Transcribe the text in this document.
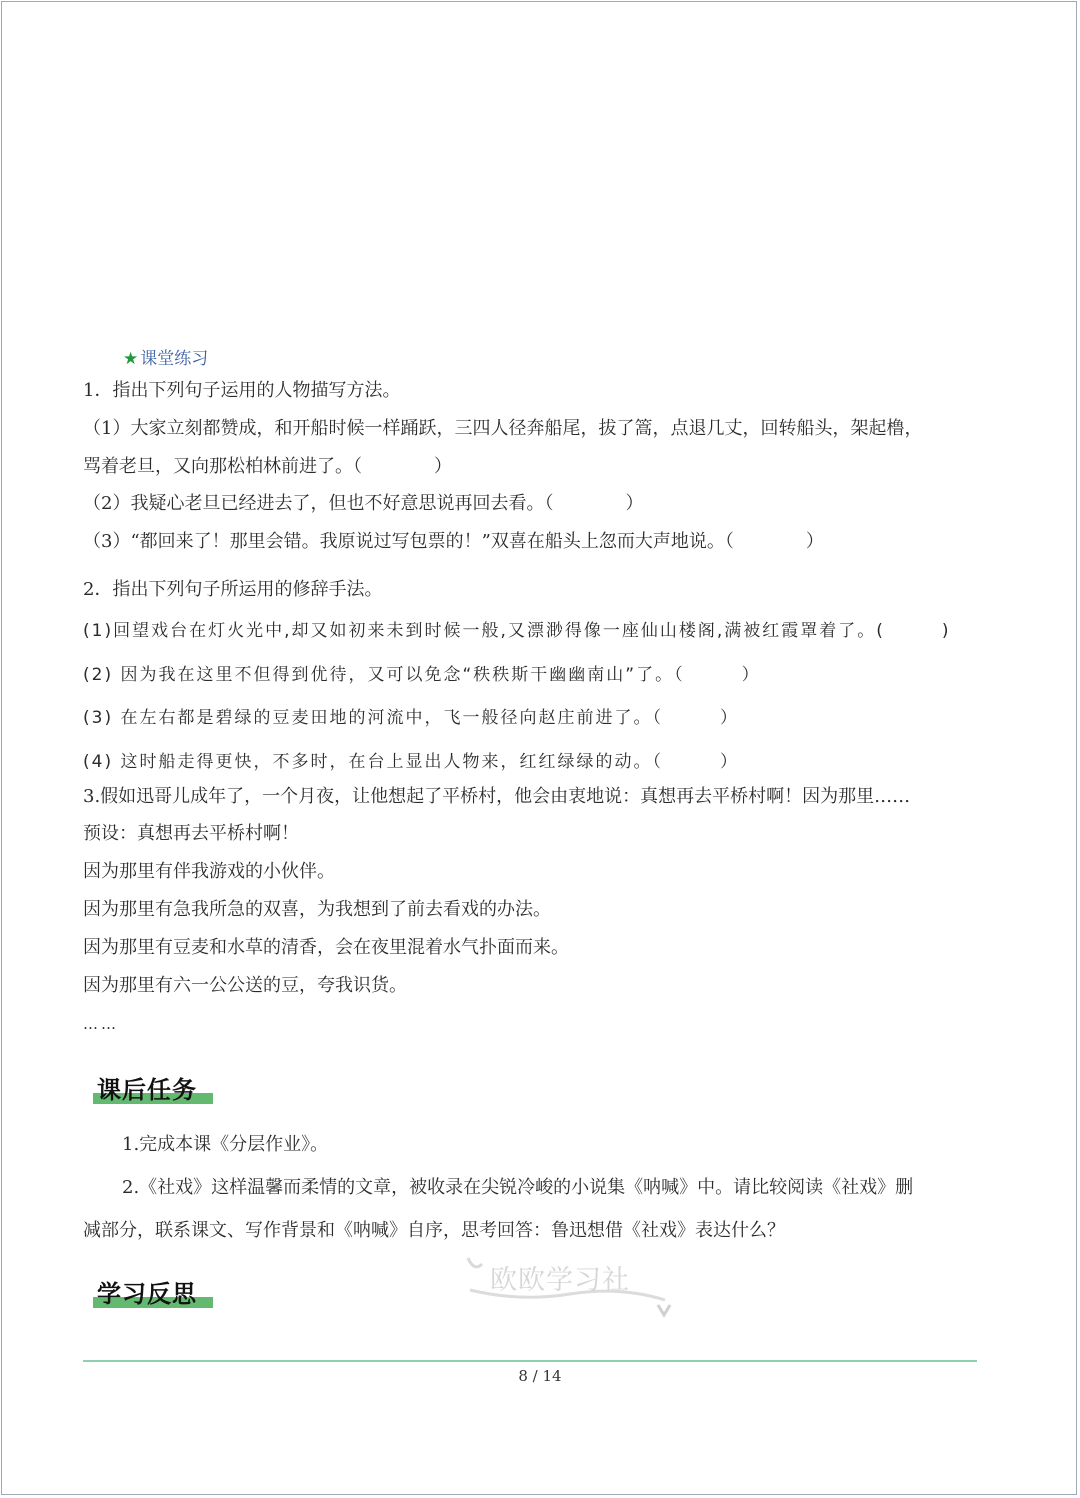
★ 课堂练习
1．指出下列句子运用的人物描写方法。
（1）大家立刻都赞成，和开船时候一样踊跃，三四人径奔船尾，拔了篙，点退几丈，回转船头，架起橹，
骂着老旦，又向那松柏林前进了。（　　　　）
（2）我疑心老旦已经进去了，但也不好意思说再回去看。（　　　　）
（3）“都回来了！那里会错。我原说过写包票的！”双喜在船头上忽而大声地说。（　　　　）
2．指出下列句子所运用的修辞手法。
(1)回望戏台在灯火光中,却又如初来未到时候一般,又漂渺得像一座仙山楼阁,满被红霞罩着了。(　　　)
(2) 因为我在这里不但得到优待，又可以免念“秩秩斯干幽幽南山”了。（　　　）
(3) 在左右都是碧绿的豆麦田地的河流中，飞一般径向赵庄前进了。（　　　）
(4) 这时船走得更快，不多时，在台上显出人物来，红红绿绿的动。（　　　）
3.假如迅哥儿成年了，一个月夜，让他想起了平桥村，他会由衷地说：真想再去平桥村啊！因为那里……
预设：真想再去平桥村啊！
因为那里有伴我游戏的小伙伴。
因为那里有急我所急的双喜，为我想到了前去看戏的办法。
因为那里有豆麦和水草的清香，会在夜里混着水气扑面而来。
因为那里有六一公公送的豆，夸我识货。
……
课后任务
1.完成本课《分层作业》。
2.《社戏》这样温馨而柔情的文章，被收录在尖锐冷峻的小说集《呐喊》中。请比较阅读《社戏》删
减部分，联系课文、写作背景和《呐喊》自序，思考回答：鲁迅想借《社戏》表达什么？
学习反思	欧欧学习社
8 / 14
